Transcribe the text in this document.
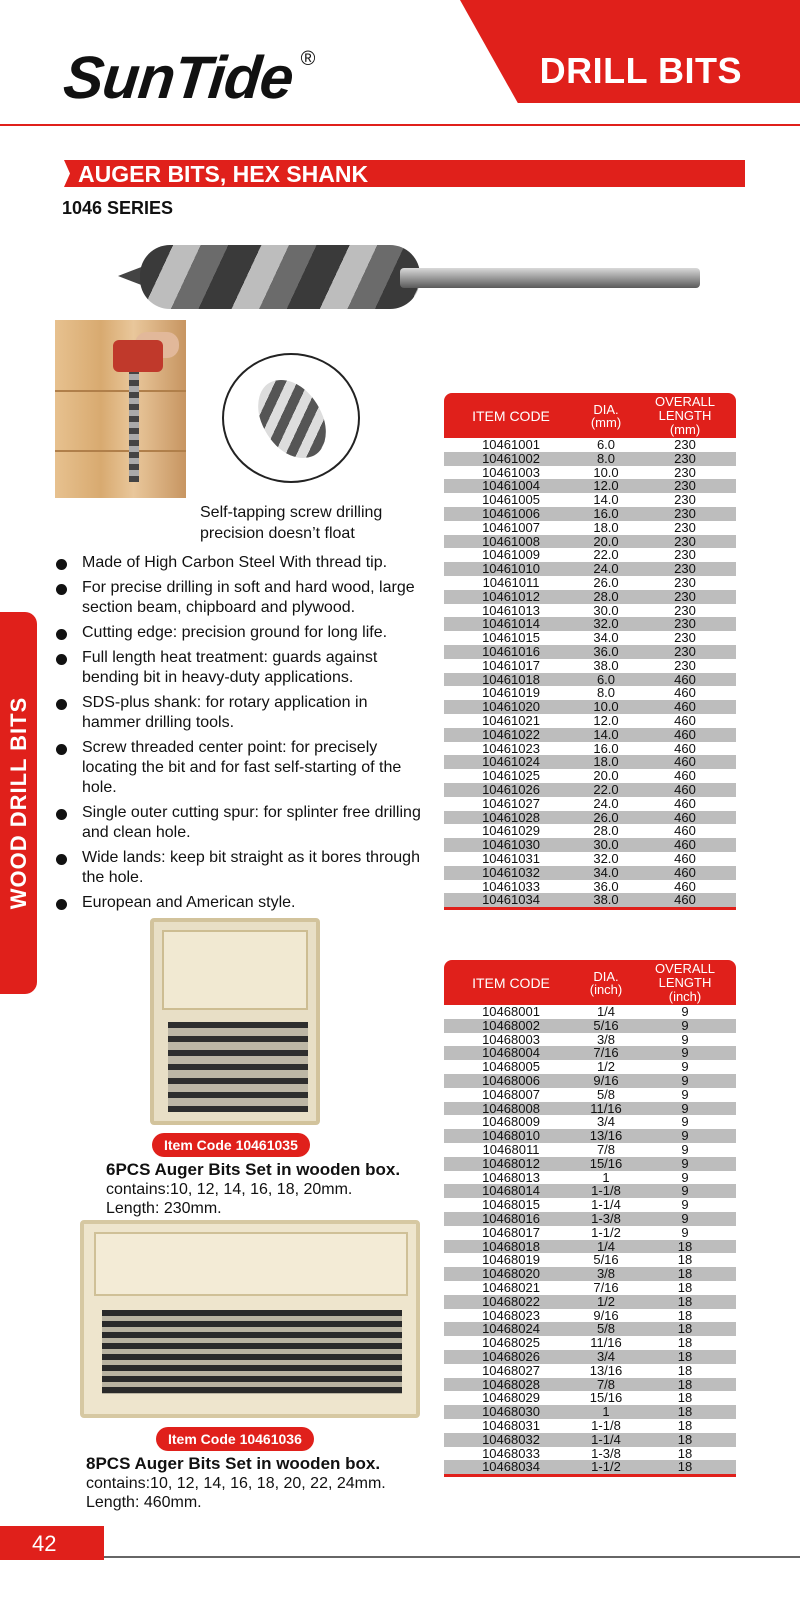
SunTide ®	DRILL BITS
AUGER BITS, HEX SHANK
1046 SERIES
WOOD DRILL BITS
Self-tapping screw drilling
precision doesn’t float
Made of High Carbon Steel With thread tip.
For precise drilling in soft and hard wood, large section beam, chipboard and plywood.
Cutting edge: precision ground for long life.
Full length heat treatment: guards against bending bit in heavy-duty applications.
SDS-plus shank: for rotary application in hammer drilling tools.
Screw threaded center point: for precisely locating the bit and for fast self-starting of the hole.
Single outer cutting spur: for splinter free drilling and clean hole.
Wide lands: keep bit straight as it bores through the hole.
European and American style.
Item Code 10461035
6PCS Auger Bits Set in wooden box.
contains:10, 12, 14, 16, 18, 20mm.
Length: 230mm.
Item Code 10461036
8PCS Auger Bits Set in wooden box.
contains:10, 12, 14, 16, 18, 20, 22, 24mm.
Length: 460mm.
ITEM CODE	DIA.
(mm)
OVERALL
LENGTH
(mm)
10461001	6.0	230
10461002	8.0	230
10461003	10.0	230
10461004	12.0	230
10461005	14.0	230
10461006	16.0	230
10461007	18.0	230
10461008	20.0	230
10461009	22.0	230
10461010	24.0	230
10461011	26.0	230
10461012	28.0	230
10461013	30.0	230
10461014	32.0	230
10461015	34.0	230
10461016	36.0	230
10461017	38.0	230
10461018	6.0	460
10461019	8.0	460
10461020	10.0	460
10461021	12.0	460
10461022	14.0	460
10461023	16.0	460
10461024	18.0	460
10461025	20.0	460
10461026	22.0	460
10461027	24.0	460
10461028	26.0	460
10461029	28.0	460
10461030	30.0	460
10461031	32.0	460
10461032	34.0	460
10461033	36.0	460
10461034	38.0	460
ITEM CODE	DIA.
(inch)
OVERALL
LENGTH
(inch)
10468001	1/4	9
10468002	5/16	9
10468003	3/8	9
10468004	7/16	9
10468005	1/2	9
10468006	9/16	9
10468007	5/8	9
10468008	11/16	9
10468009	3/4	9
10468010	13/16	9
10468011	7/8	9
10468012	15/16	9
10468013	1	9
10468014	1-1/8	9
10468015	1-1/4	9
10468016	1-3/8	9
10468017	1-1/2	9
10468018	1/4	18
10468019	5/16	18
10468020	3/8	18
10468021	7/16	18
10468022	1/2	18
10468023	9/16	18
10468024	5/8	18
10468025	11/16	18
10468026	3/4	18
10468027	13/16	18
10468028	7/8	18
10468029	15/16	18
10468030	1	18
10468031	1-1/8	18
10468032	1-1/4	18
10468033	1-3/8	18
10468034	1-1/2	18
42
